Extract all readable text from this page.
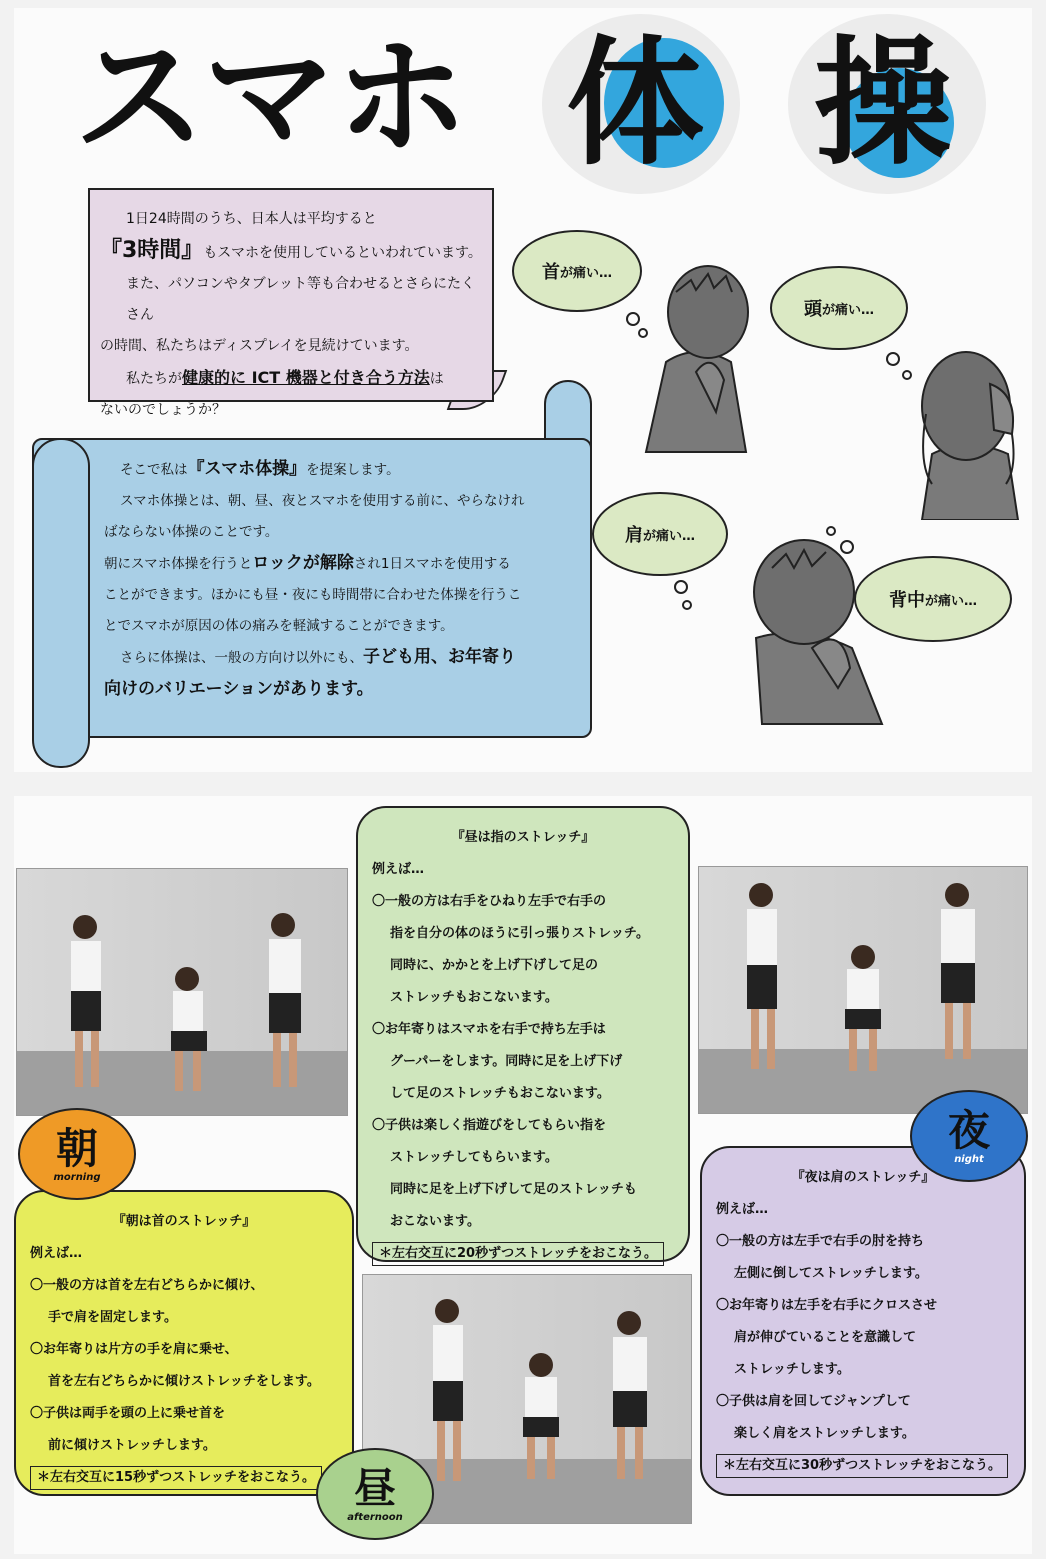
スマホ 体 操
1日24時間のうち、日本人は平均すると
『3時間』もスマホを使用しているといわれています。
また、パソコンやタブレット等も合わせるとさらにたくさん
の時間、私たちはディスプレイを見続けています。
私たちが健康的に ICT 機器と付き合う方法は
ないのでしょうか？
そこで私は『スマホ体操』を提案します。
スマホ体操とは、朝、昼、夜とスマホを使用する前に、やらなけれ
ばならない体操のことです。
朝にスマホ体操を行うとロックが解除され1日スマホを使用する
ことができます。ほかにも昼・夜にも時間帯に合わせた体操を行うこ
とでスマホが原因の体の痛みを軽減することができます。
さらに体操は、一般の方向け以外にも、子ども用、お年寄り
向けのバリエーションがあります。
首 が痛い…
頭 が痛い…
肩 が痛い…
背中 が痛い…
『昼は指のストレッチ』
例えば…

〇一般の方は右手をひねり左手で右手の

指を自分の体のほうに引っ張りストレッチ。

同時に、かかとを上げ下げして足の

ストレッチもおこないます。

〇お年寄りはスマホを右手で持ち左手は

グーパーをします。同時に足を上げ下げ

して足のストレッチもおこないます。

〇子供は楽しく指遊びをしてもらい指を

ストレッチしてもらいます。

同時に足を上げ下げして足のストレッチも

おこないます。

＊左右交互に20秒ずつストレッチをおこなう。
『朝は首のストレッチ』
例えば…

〇一般の方は首を左右どちらかに傾け、

手で肩を固定します。

〇お年寄りは片方の手を肩に乗せ、

首を左右どちらかに傾けストレッチをします。

〇子供は両手を頭の上に乗せ首を

前に傾けストレッチします。

＊左右交互に15秒ずつストレッチをおこなう。
『夜は肩のストレッチ』
例えば…

〇一般の方は左手で右手の肘を持ち

左側に倒してストレッチします。

〇お年寄りは左手を右手にクロスさせ

肩が伸びていることを意識して

ストレッチします。

〇子供は肩を回してジャンプして

楽しく肩をストレッチします。

＊左右交互に30秒ずつストレッチをおこなう。
朝
morning
昼
afternoon
夜
night
